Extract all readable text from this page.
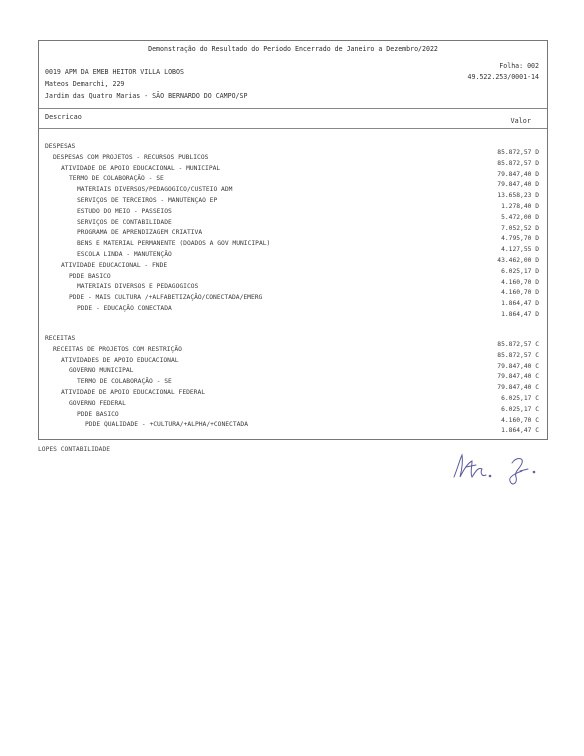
Demonstração do Resultado do Periodo Encerrado de Janeiro a Dezembro/2022
0019 APM DA EMEB HEITOR VILLA LOBOS
Mateos Demarchi, 229
Jardim das Quatro Marias - SÃO BERNARDO DO CAMPO/SP
Folha: 002
49.522.253/0001-14
Descricao	Valor
DESPESAS
85.872,57 D
DESPESAS COM PROJETOS - RECURSOS PUBLICOS
85.872,57 D
ATIVIDADE DE APOIO EDUCACIONAL - MUNICIPAL
79.847,40 D
TERMO DE COLABORAÇÃO - SE
79.847,40 D
MATERIAIS DIVERSOS/PEDAGOGICO/CUSTEIO ADM
13.658,23 D
SERVIÇOS DE TERCEIROS - MANUTENÇAO EP
1.278,40 D
ESTUDO DO MEIO - PASSEIOS
5.472,00 D
SERVIÇOS DE CONTABILIDADE
7.052,52 D
PROGRAMA DE APRENDIZAGEM CRIATIVA
4.795,70 D
BENS E MATERIAL PERMANENTE (DOADOS A GOV MUNICIPAL)
4.127,55 D
ESCOLA LINDA - MANUTENÇÃO
43.462,00 D
ATIVIDADE EDUCACIONAL - FNDE
6.025,17 D
PDDE BASICO
4.160,70 D
MATERIAIS DIVERSOS E PEDAGOGICOS
4.160,70 D
PDDE - MAIS CULTURA /+ALFABETIZAÇÃO/CONECTADA/EMERG
1.864,47 D
PDDE - EDUCAÇÃO CONECTADA
1.864,47 D
RECEITAS
85.872,57 C
RECEITAS DE PROJETOS COM RESTRIÇÃO
85.872,57 C
ATIVIDADES DE APOIO EDUCACIONAL
79.847,40 C
GOVERNO MUNICIPAL
79.847,40 C
TERMO DE COLABORAÇÃO - SE
79.847,40 C
ATIVIDADE DE APOIO EDUCACIONAL FEDERAL
6.025,17 C
GOVERNO FEDERAL
6.025,17 C
PDDE BASICO
4.160,70 C
PDDE QUALIDADE - +CULTURA/+ALPHA/+CONECTADA
1.864,47 C
LOPES CONTABILIDADE
